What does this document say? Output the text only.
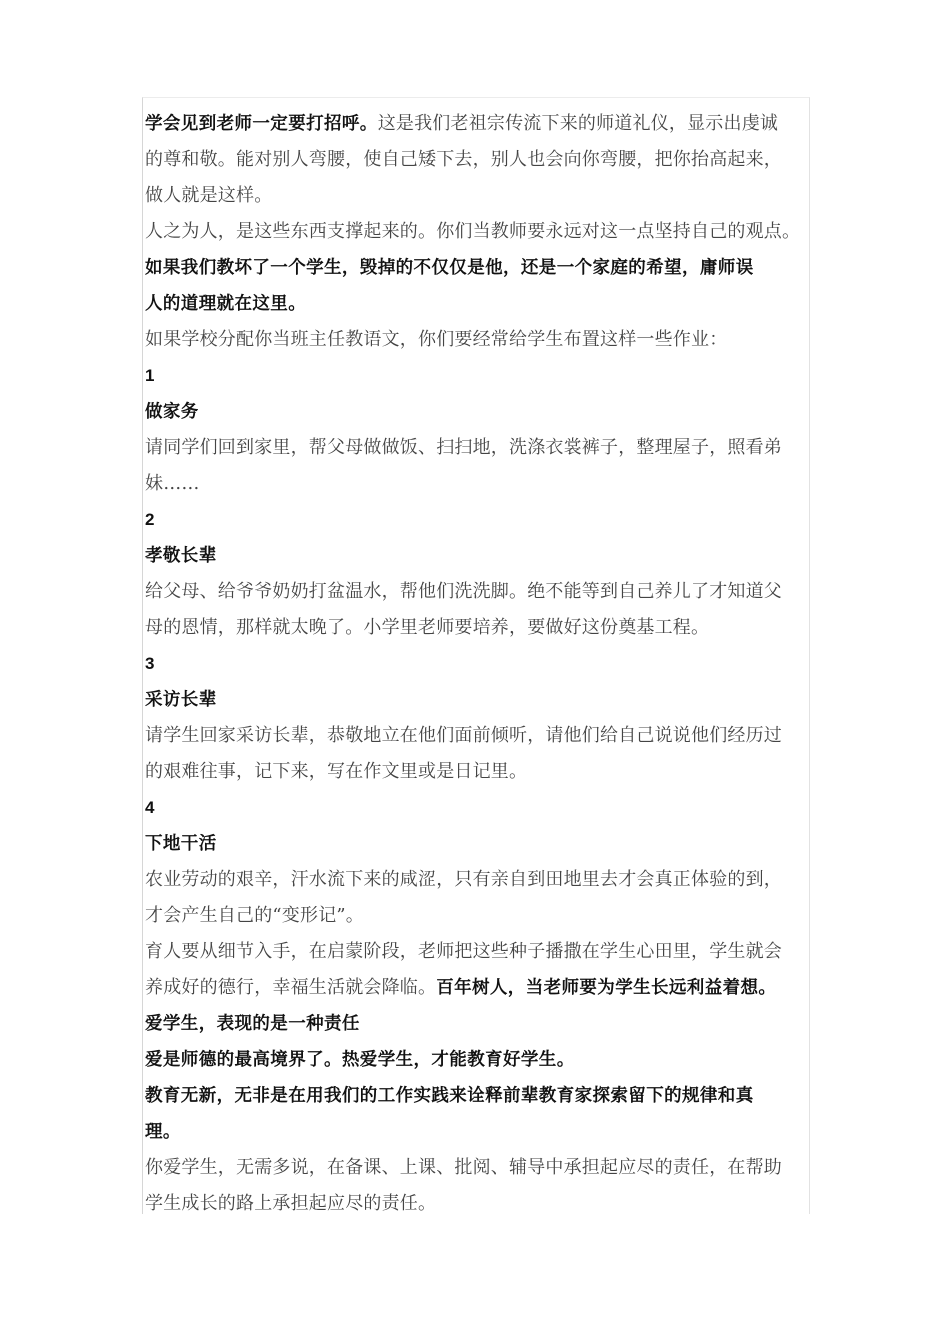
学会见到老师一定要打招呼。这是我们老祖宗传流下来的师道礼仪，显示出虔诚
的尊和敬。能对别人弯腰，使自己矮下去，别人也会向你弯腰，把你抬高起来，
做人就是这样。
人之为人，是这些东西支撑起来的。你们当教师要永远对这一点坚持自己的观点。
如果我们教坏了一个学生，毁掉的不仅仅是他，还是一个家庭的希望，庸师误
人的道理就在这里。
如果学校分配你当班主任教语文，你们要经常给学生布置这样一些作业：
1
做家务
请同学们回到家里，帮父母做做饭、扫扫地，洗涤衣裳裤子，整理屋子，照看弟
妹……
2
孝敬长辈
给父母、给爷爷奶奶打盆温水，帮他们洗洗脚。绝不能等到自己养儿了才知道父
母的恩情，那样就太晚了。小学里老师要培养，要做好这份奠基工程。
3
采访长辈
请学生回家采访长辈，恭敬地立在他们面前倾听，请他们给自己说说他们经历过
的艰难往事，记下来，写在作文里或是日记里。
4
下地干活
农业劳动的艰辛，汗水流下来的咸涩，只有亲自到田地里去才会真正体验的到，
才会产生自己的“变形记”。
育人要从细节入手，在启蒙阶段，老师把这些种子播撒在学生心田里，学生就会
养成好的德行，幸福生活就会降临。百年树人，当老师要为学生长远利益着想。
爱学生，表现的是一种责任
爱是师德的最高境界了。热爱学生，才能教育好学生。
教育无新，无非是在用我们的工作实践来诠释前辈教育家探索留下的规律和真
理。
你爱学生，无需多说，在备课、上课、批阅、辅导中承担起应尽的责任，在帮助
学生成长的路上承担起应尽的责任。
